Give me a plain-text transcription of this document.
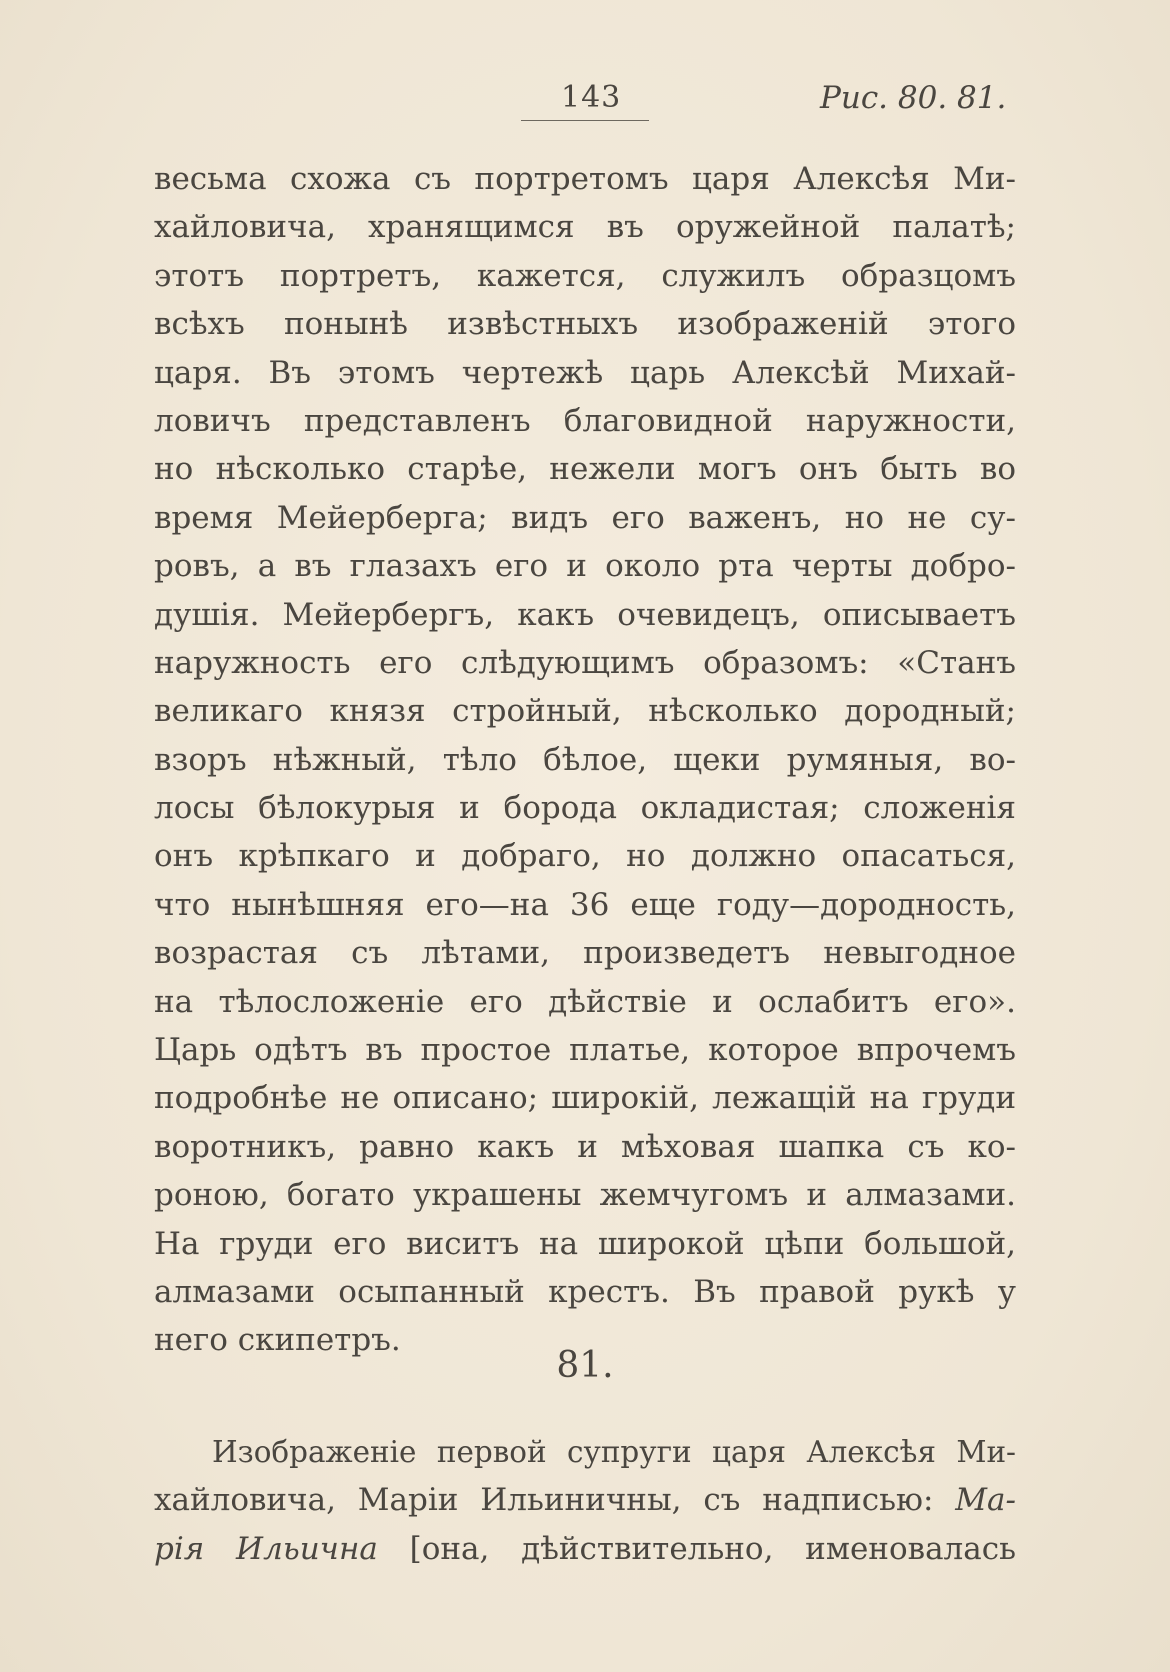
143	Рис. 80. 81.
весьма схожа съ портретомъ царя Алексѣя Ми-
хайловича, хранящимся въ оружейной палатѣ;
этотъ портретъ, кажется, служилъ образцомъ
всѣхъ понынѣ извѣстныхъ изображеній этого
царя. Въ этомъ чертежѣ царь Алексѣй Михай-
ловичъ представленъ благовидной наружности,
но нѣсколько старѣе, нежели могъ онъ быть во
время Мейерберга; видъ его важенъ, но не су-
ровъ, а въ глазахъ его и около рта черты добро-
душія. Мейербергъ, какъ очевидецъ, описываетъ
наружность его слѣдующимъ образомъ: «Станъ
великаго князя стройный, нѣсколько дородный;
взоръ нѣжный, тѣло бѣлое, щеки румяныя, во-
лосы бѣлокурыя и борода окладистая; сложенія
онъ крѣпкаго и добраго, но должно опасаться,
что нынѣшняя его—на 36 еще году—дородность,
возрастая съ лѣтами, произведетъ невыгодное
на тѣлосложеніе его дѣйствіе и ослабитъ его».
Царь одѣтъ въ простое платье, которое впрочемъ
подробнѣе не описано; широкій, лежащій на груди
воротникъ, равно какъ и мѣховая шапка съ ко-
роною, богато украшены жемчугомъ и алмазами.
На груди его виситъ на широкой цѣпи большой,
алмазами осыпанный крестъ. Въ правой рукѣ у
него скипетръ.
81.
Изображеніе первой супруги царя Алексѣя Ми-
хайловича, Маріи Ильиничны, съ надписью: Ма-
рія Ильична [она, дѣйствительно, именовалась
